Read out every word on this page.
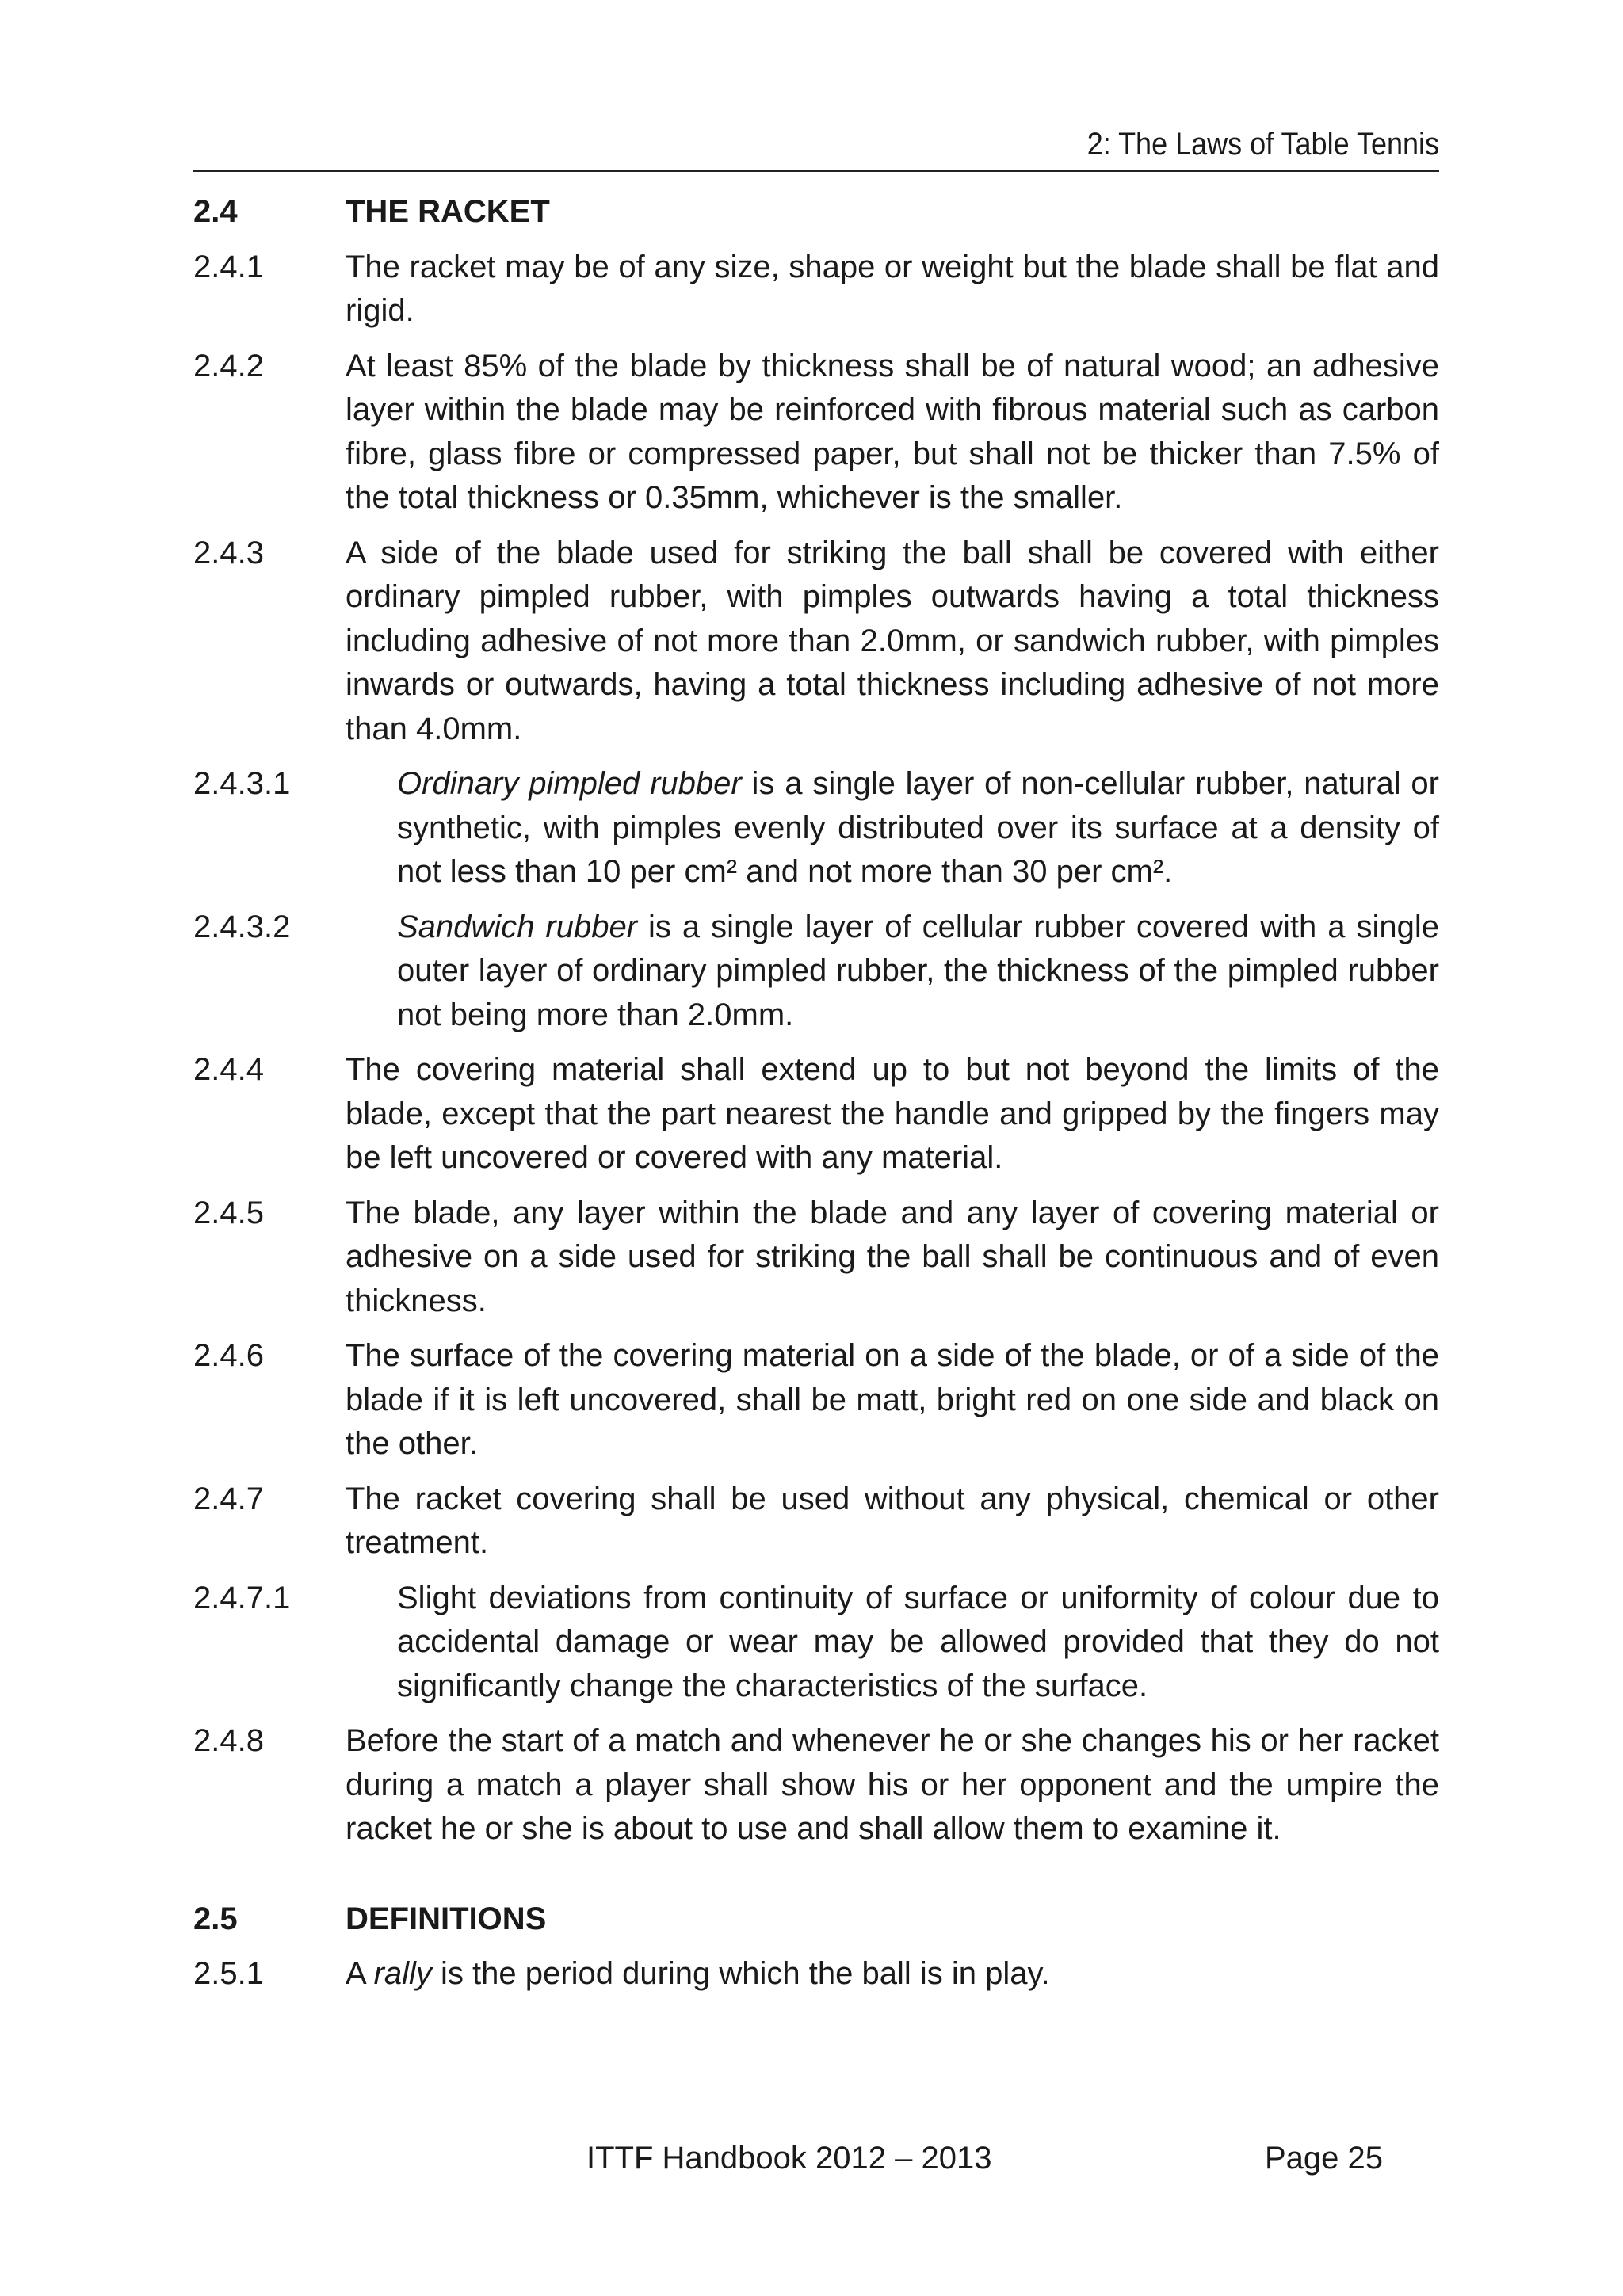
2: The Laws of Table Tennis
2.4	THE RACKET
2.4.1	The racket may be of any size, shape or weight but the blade shall be flat and rigid.
2.4.2	At least 85% of the blade by thickness shall be of natural wood; an adhesive layer within the blade may be reinforced with fibrous material such as carbon fibre, glass fibre or compressed paper, but shall not be thicker than 7.5% of the total thickness or 0.35mm, whichever is the smaller.
2.4.3	A side of the blade used for striking the ball shall be covered with either ordinary pimpled rubber, with pimples outwards having a total thickness including adhesive of not more than 2.0mm, or sandwich rubber, with pimples inwards or outwards, having a total thickness including adhesive of not more than 4.0mm.
2.4.3.1	Ordinary pimpled rubber is a single layer of non-cellular rubber, natural or synthetic, with pimples evenly distributed over its surface at a density of not less than 10 per cm² and not more than 30 per cm².
2.4.3.2	Sandwich rubber is a single layer of cellular rubber covered with a single outer layer of ordinary pimpled rubber, the thickness of the pimpled rubber not being more than 2.0mm.
2.4.4	The covering material shall extend up to but not beyond the limits of the blade, except that the part nearest the handle and gripped by the fingers may be left uncovered or covered with any material.
2.4.5	The blade, any layer within the blade and any layer of covering material or adhesive on a side used for striking the ball shall be continuous and of even thickness.
2.4.6	The surface of the covering material on a side of the blade, or of a side of the blade if it is left uncovered, shall be matt, bright red on one side and black on the other.
2.4.7	The racket covering shall be used without any physical, chemical or other treatment.
2.4.7.1	Slight deviations from continuity of surface or uniformity of colour due to accidental damage or wear may be allowed provided that they do not significantly change the characteristics of the surface.
2.4.8	Before the start of a match and whenever he or she changes his or her racket during a match a player shall show his or her opponent and the umpire the racket he or she is about to use and shall allow them to examine it.
2.5	DEFINITIONS
2.5.1	A rally is the period during which the ball is in play.
ITTF Handbook 2012 – 2013	Page 25
